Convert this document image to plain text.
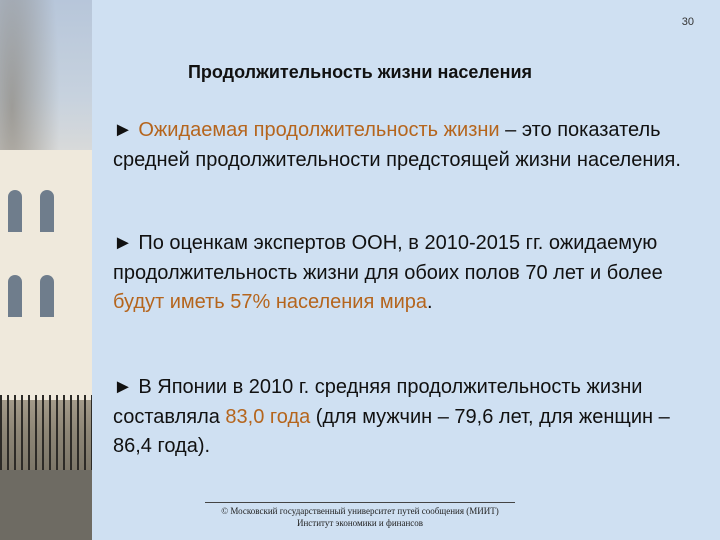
30
Продолжительность жизни населения
► Ожидаемая продолжительность жизни – это показатель средней продолжительности предстоящей жизни населения.
► По оценкам экспертов ООН, в 2010-2015 гг. ожидаемую продолжительность жизни для обоих полов 70 лет и более будут иметь 57% населения мира.
► В Японии в 2010 г. средняя продолжительность жизни составляла 83,0 года (для мужчин – 79,6 лет, для женщин – 86,4 года).
© Московский государственный университет путей сообщения (МИИТ)
Институт экономики и финансов
